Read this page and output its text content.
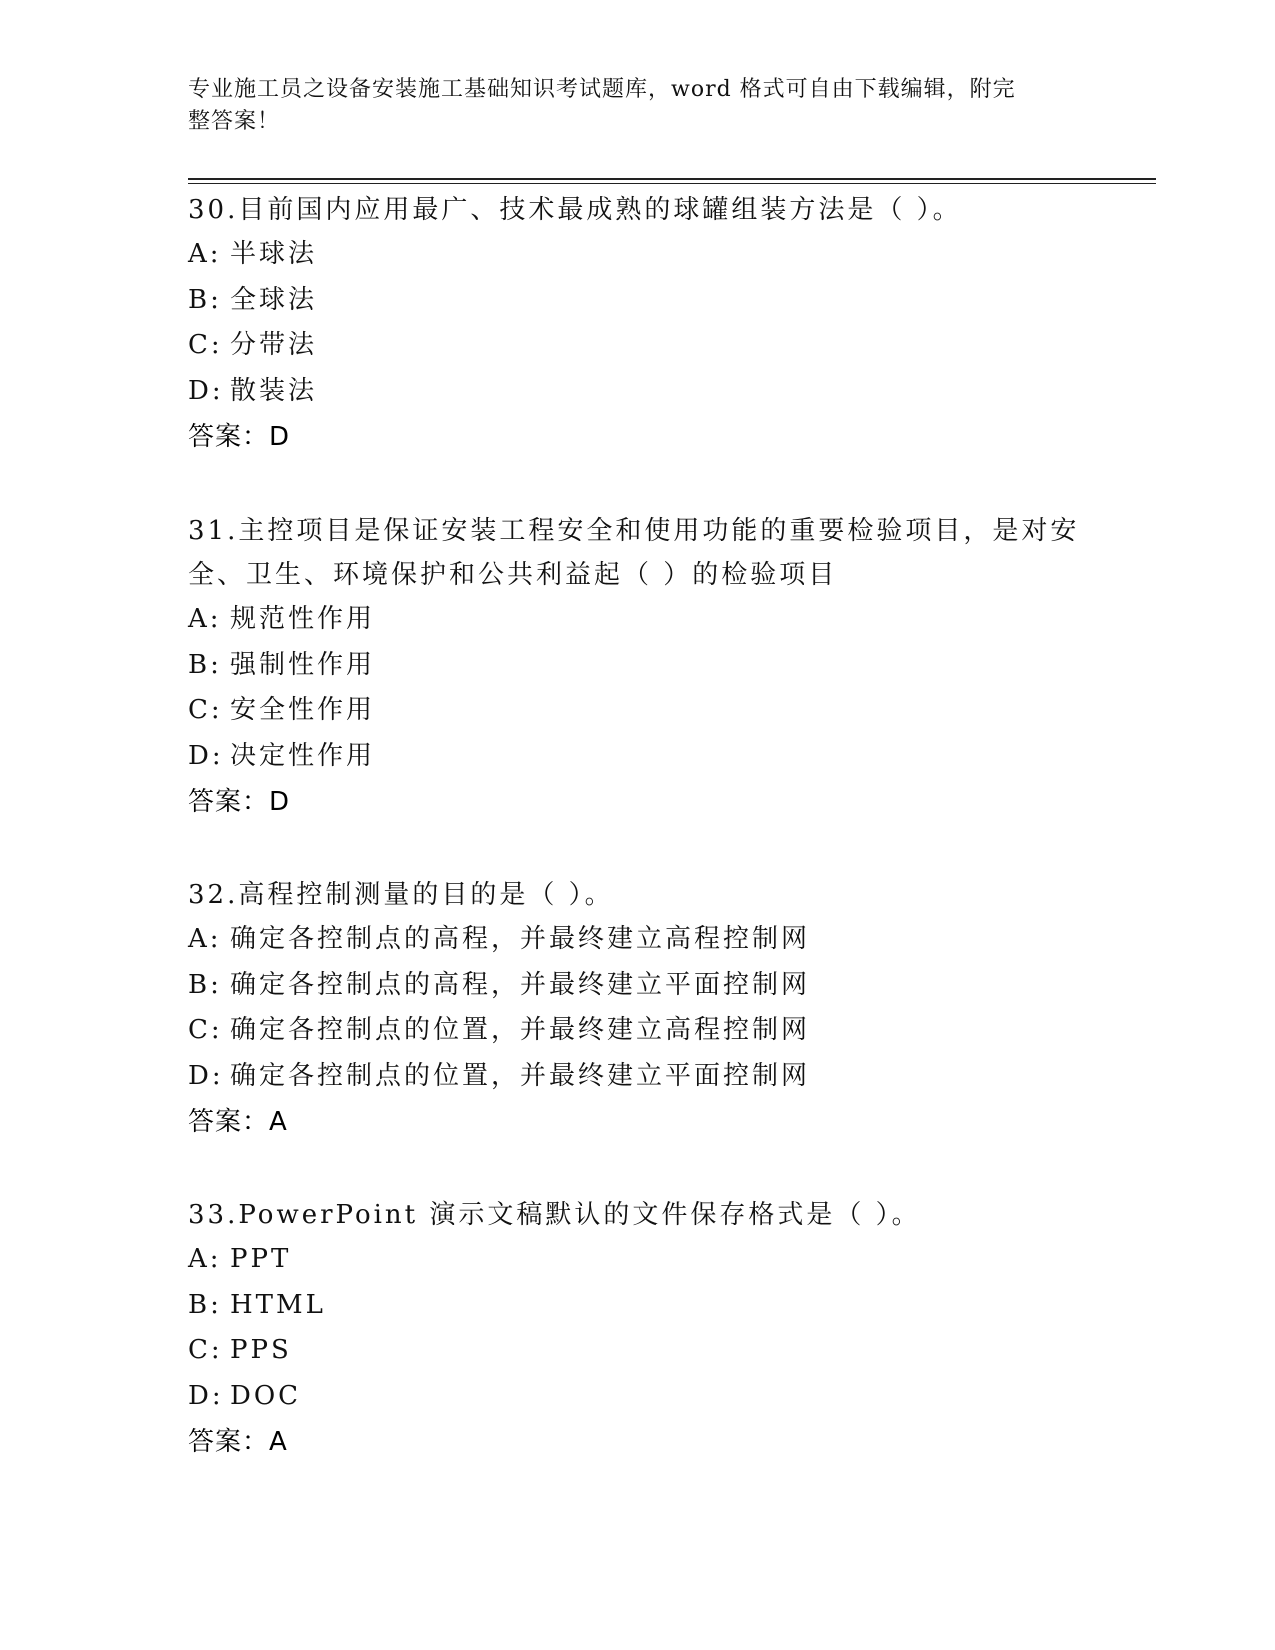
专业施工员之设备安装施工基础知识考试题库，word 格式可自由下载编辑，附完
整答案！

30.目前国内应用最广、技术最成熟的球罐组装方法是（ ）。

A: 半球法

B: 全球法

C: 分带法

D: 散装法

答案：D

31.主控项目是保证安装工程安全和使用功能的重要检验项目，是对安

全、卫生、环境保护和公共利益起（ ）的检验项目

A: 规范性作用

B: 强制性作用

C: 安全性作用

D: 决定性作用

答案：D

32.高程控制测量的目的是（ ）。

A: 确定各控制点的高程，并最终建立高程控制网

B: 确定各控制点的高程，并最终建立平面控制网

C: 确定各控制点的位置，并最终建立高程控制网

D: 确定各控制点的位置，并最终建立平面控制网

答案：A

33.PowerPoint 演示文稿默认的文件保存格式是（ ）。

A: PPT

B: HTML

C: PPS

D: DOC

答案：A
